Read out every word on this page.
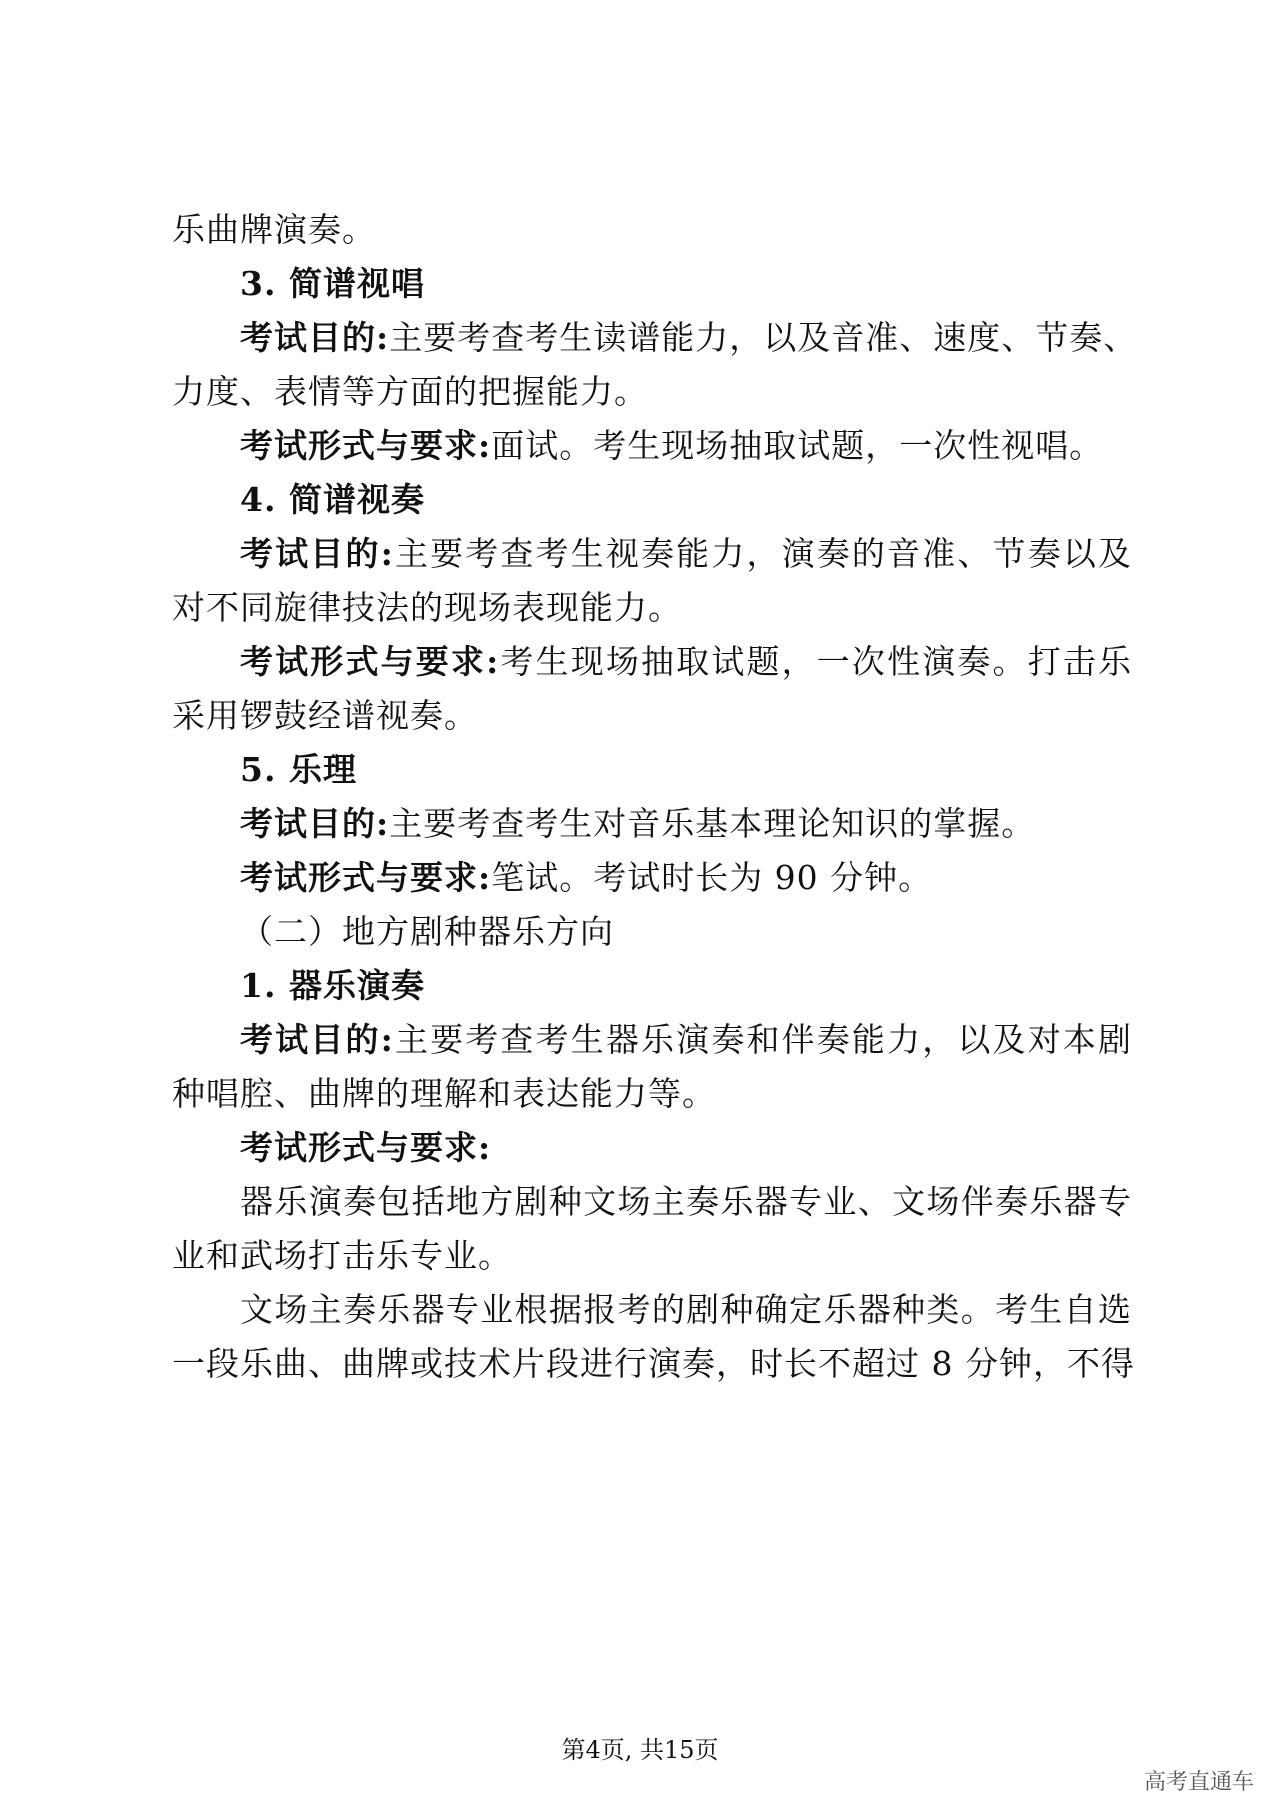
乐曲牌演奏。
3. 简谱视唱
考试目的:主要考查考生读谱能力，以及音准、速度、节奏、
力度、表情等方面的把握能力。
考试形式与要求:面试。考生现场抽取试题，一次性视唱。
4. 简谱视奏
考试目的:主要考查考生视奏能力，演奏的音准、节奏以及
对不同旋律技法的现场表现能力。
考试形式与要求:考生现场抽取试题，一次性演奏。打击乐
采用锣鼓经谱视奏。
5. 乐理
考试目的:主要考查考生对音乐基本理论知识的掌握。
考试形式与要求:笔试。考试时长为 90 分钟。
（二）地方剧种器乐方向
1. 器乐演奏
考试目的:主要考查考生器乐演奏和伴奏能力，以及对本剧
种唱腔、曲牌的理解和表达能力等。
考试形式与要求:
器乐演奏包括地方剧种文场主奏乐器专业、文场伴奏乐器专
业和武场打击乐专业。
文场主奏乐器专业根据报考的剧种确定乐器种类。考生自选
一段乐曲、曲牌或技术片段进行演奏，时长不超过 8 分钟，不得
第4页, 共15页
高考直通车
